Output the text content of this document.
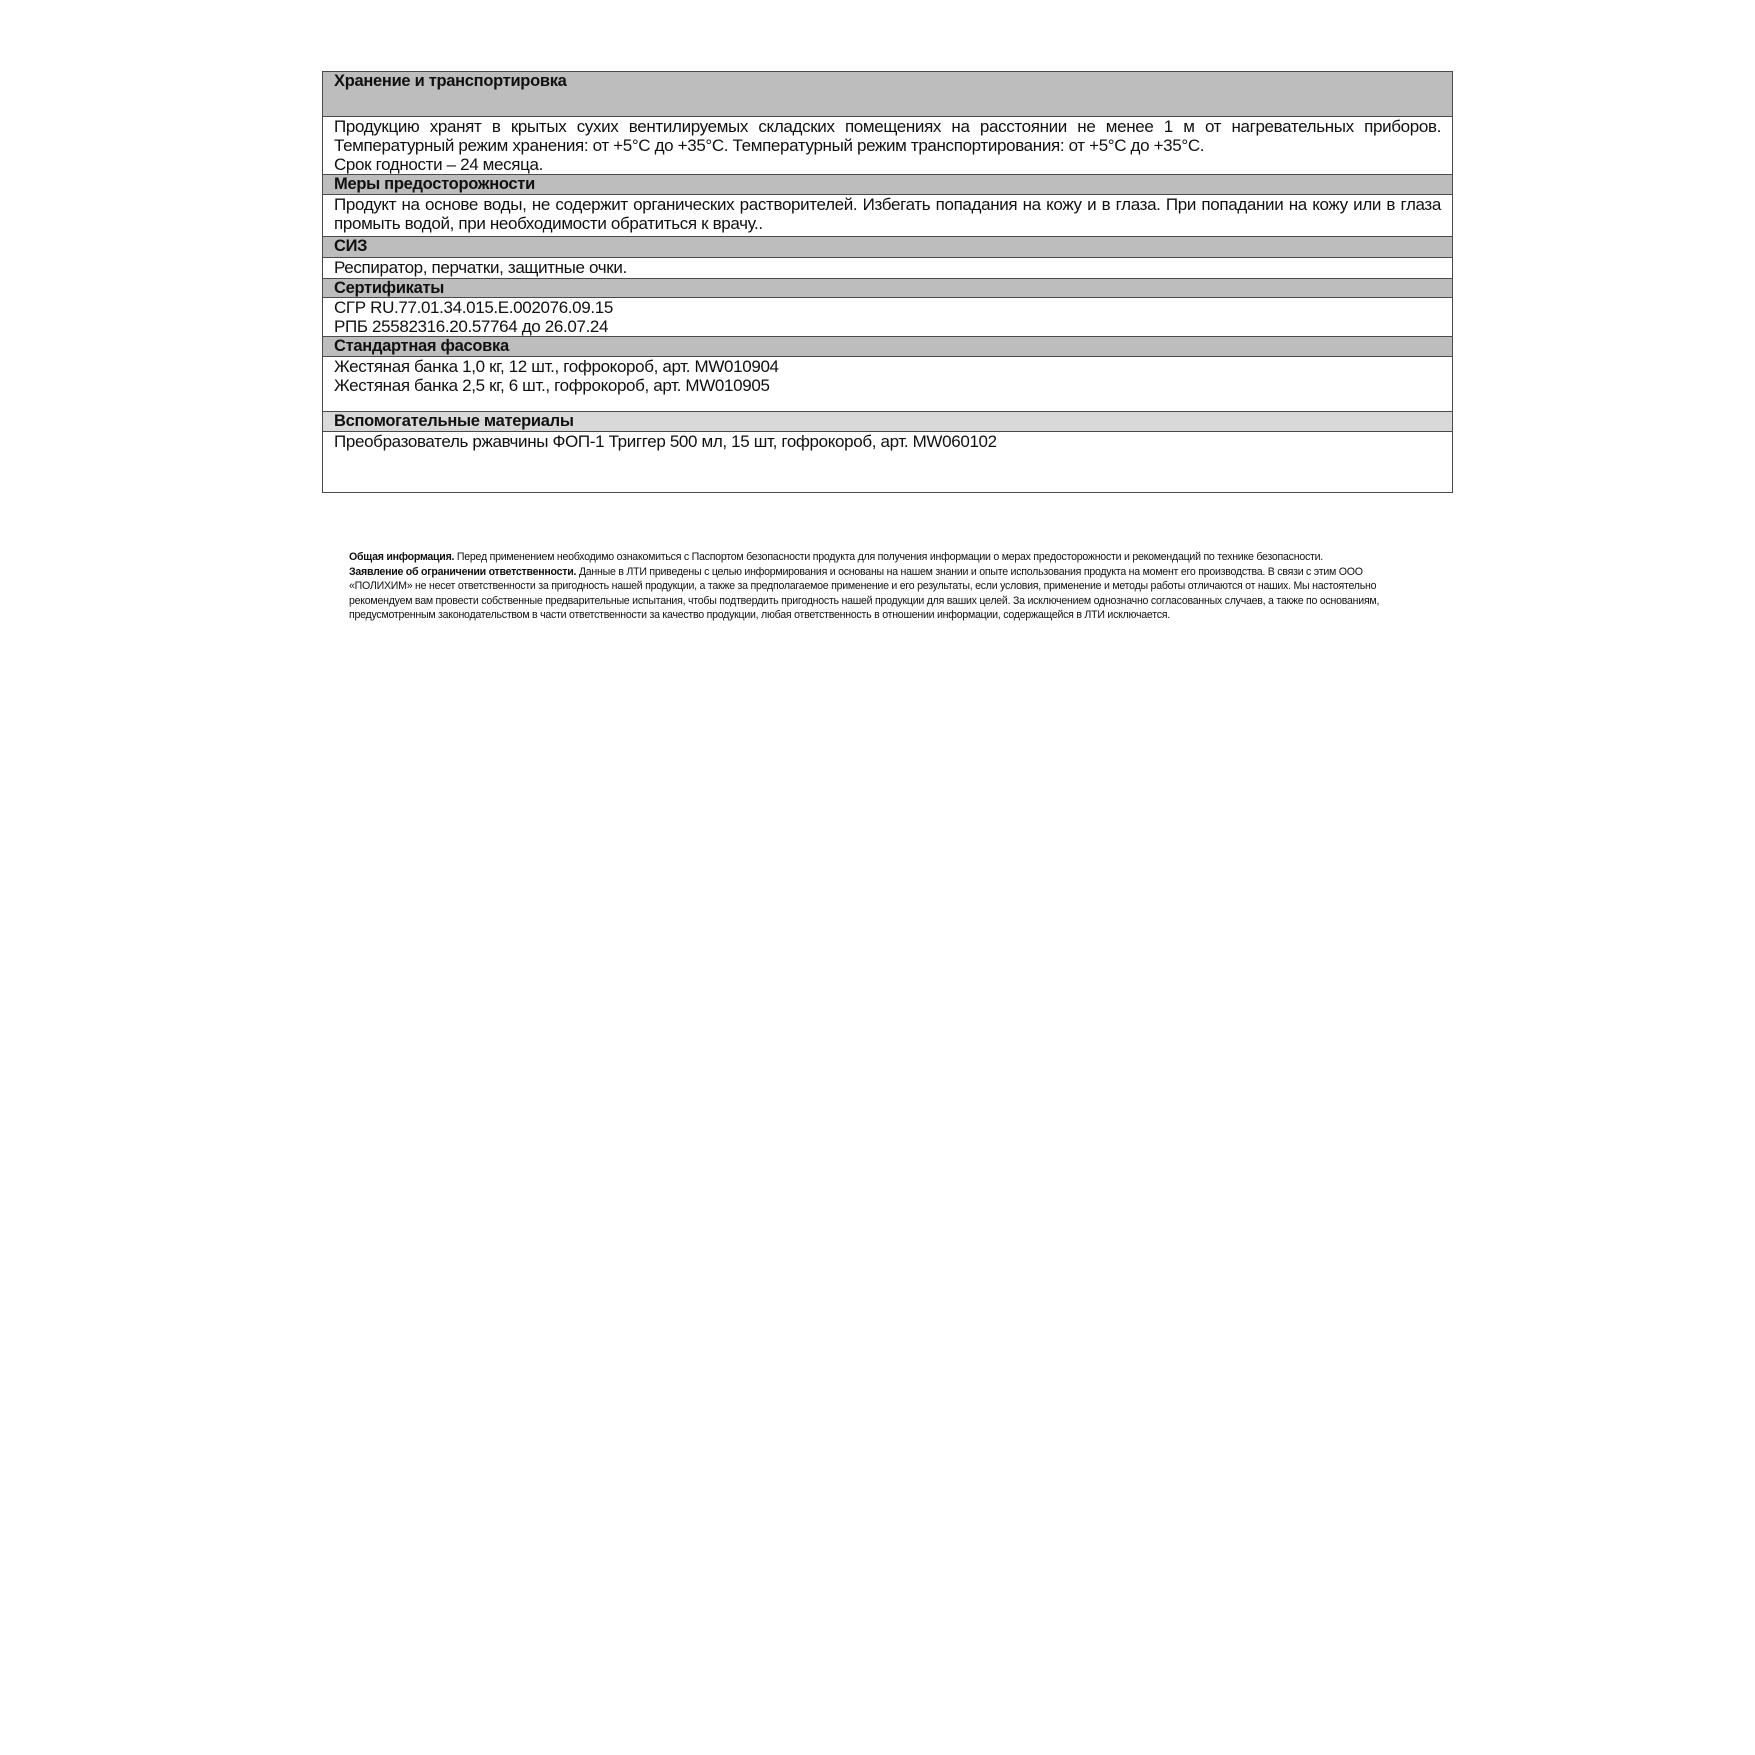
Хранение и транспортировка
Продукцию хранят в крытых сухих вентилируемых складских помещениях на расстоянии не менее 1 м от нагревательных приборов. Температурный режим хранения: от +5°С до +35°С. Температурный режим транспортирования: от +5°С до +35°С.
Срок годности – 24 месяца.
Меры предосторожности
Продукт на основе воды, не содержит органических растворителей. Избегать попадания на кожу и в глаза. При попадании на кожу или в глаза промыть водой, при необходимости обратиться к врачу..
СИЗ
Респиратор, перчатки, защитные очки.
Сертификаты
СГР RU.77.01.34.015.E.002076.09.15
РПБ 25582316.20.57764 до 26.07.24
Стандартная фасовка
Жестяная банка 1,0 кг, 12 шт., гофрокороб, арт. MW010904
Жестяная банка 2,5 кг, 6 шт., гофрокороб, арт. MW010905
Вспомогательные материалы
Преобразователь ржавчины ФОП-1 Триггер 500 мл, 15 шт, гофрокороб, арт. MW060102
Общая информация. Перед применением необходимо ознакомиться с Паспортом безопасности продукта для получения информации о мерах предосторожности и рекомендаций по технике безопасности.
Заявление об ограничении ответственности. Данные в ЛТИ приведены с целью информирования и основаны на нашем знании и опыте использования продукта на момент его производства. В связи с этим ООО «ПОЛИХИМ» не несет ответственности за пригодность нашей продукции, а также за предполагаемое применение и его результаты, если условия, применение и методы работы отличаются от наших. Мы настоятельно рекомендуем вам провести собственные предварительные испытания, чтобы подтвердить пригодность нашей продукции для ваших целей. За исключением однозначно согласованных случаев, а также по основаниям, предусмотренным законодательством в части ответственности за качество продукции, любая ответственность в отношении информации, содержащейся в ЛТИ исключается.
